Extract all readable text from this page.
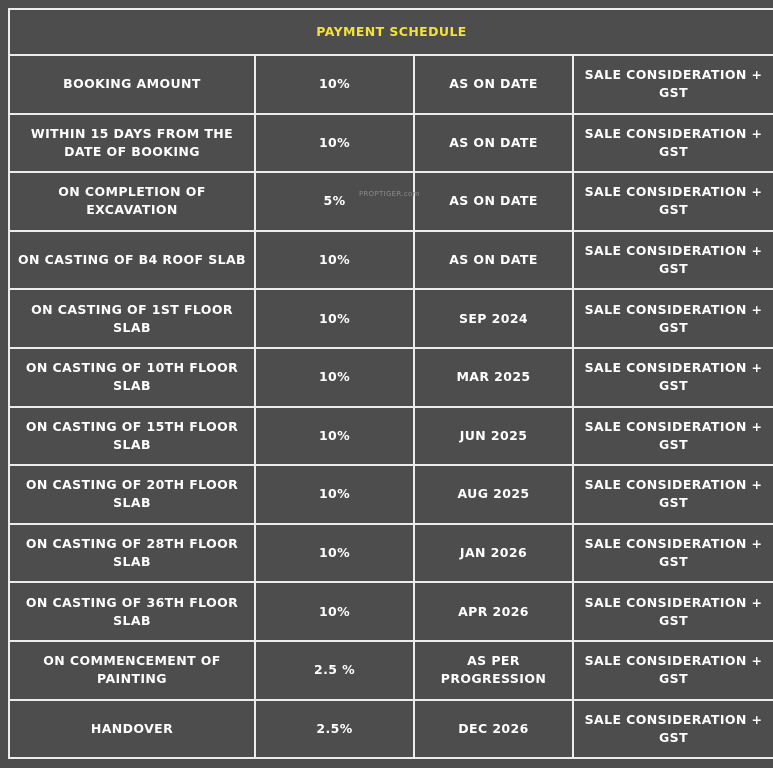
PAYMENT SCHEDULE			
BOOKING AMOUNT	10%	AS ON DATE	SALE CONSIDERATION + GST
WITHIN 15 DAYS FROM THE DATE OF BOOKING	10%	AS ON DATE	SALE CONSIDERATION + GST
ON COMPLETION OF EXCAVATION	5%	AS ON DATE	SALE CONSIDERATION + GST
ON CASTING OF B4 ROOF SLAB	10%	AS ON DATE	SALE CONSIDERATION + GST
ON CASTING OF 1ST FLOOR SLAB	10%	SEP 2024	SALE CONSIDERATION + GST
ON CASTING OF 10TH FLOOR SLAB	10%	MAR 2025	SALE CONSIDERATION + GST
ON CASTING OF 15TH FLOOR SLAB	10%	JUN 2025	SALE CONSIDERATION + GST
ON CASTING OF 20TH FLOOR SLAB	10%	AUG 2025	SALE CONSIDERATION + GST
ON CASTING OF 28TH FLOOR SLAB	10%	JAN 2026	SALE CONSIDERATION + GST
ON CASTING OF 36TH FLOOR SLAB	10%	APR 2026	SALE CONSIDERATION + GST
ON COMMENCEMENT OF PAINTING	2.5 %	AS PER PROGRESSION	SALE CONSIDERATION + GST
HANDOVER	2.5%	DEC 2026	SALE CONSIDERATION + GST
PROPTIGER.com
